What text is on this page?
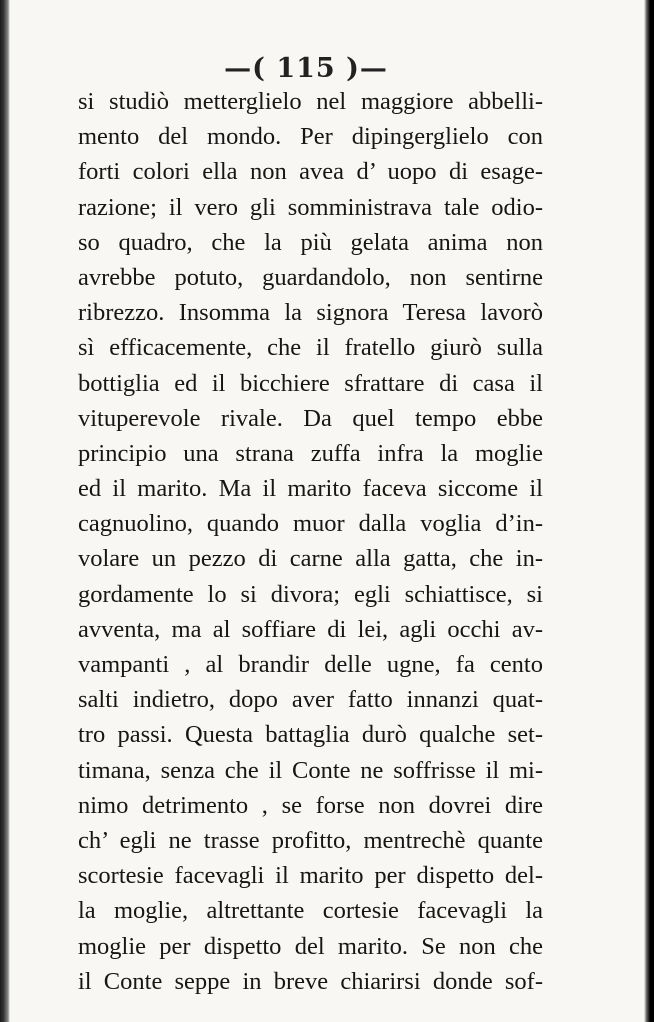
—( 115 )—
si studiò metterglielo nel maggiore abbelli-
mento del mondo. Per dipingerglielo con
forti colori ella non avea d’ uopo di esage-
razione; il vero gli somministrava tale odio-
so quadro, che la più gelata anima non
avrebbe potuto, guardandolo, non sentirne
ribrezzo. Insomma la signora Teresa lavorò
sì efficacemente, che il fratello giurò sulla
bottiglia ed il bicchiere sfrattare di casa il
vituperevole rivale. Da quel tempo ebbe
principio una strana zuffa infra la moglie
ed il marito. Ma il marito faceva siccome il
cagnuolino, quando muor dalla voglia d’in-
volare un pezzo di carne alla gatta, che in-
gordamente lo si divora; egli schiattisce, si
avventa, ma al soffiare di lei, agli occhi av-
vampanti , al brandir delle ugne, fa cento
salti indietro, dopo aver fatto innanzi quat-
tro passi. Questa battaglia durò qualche set-
timana, senza che il Conte ne soffrisse il mi-
nimo detrimento , se forse non dovrei dire
ch’ egli ne trasse profitto, mentrechè quante
scortesie facevagli il marito per dispetto del-
la moglie, altrettante cortesie facevagli la
moglie per dispetto del marito. Se non che
il Conte seppe in breve chiarirsi donde sof-
